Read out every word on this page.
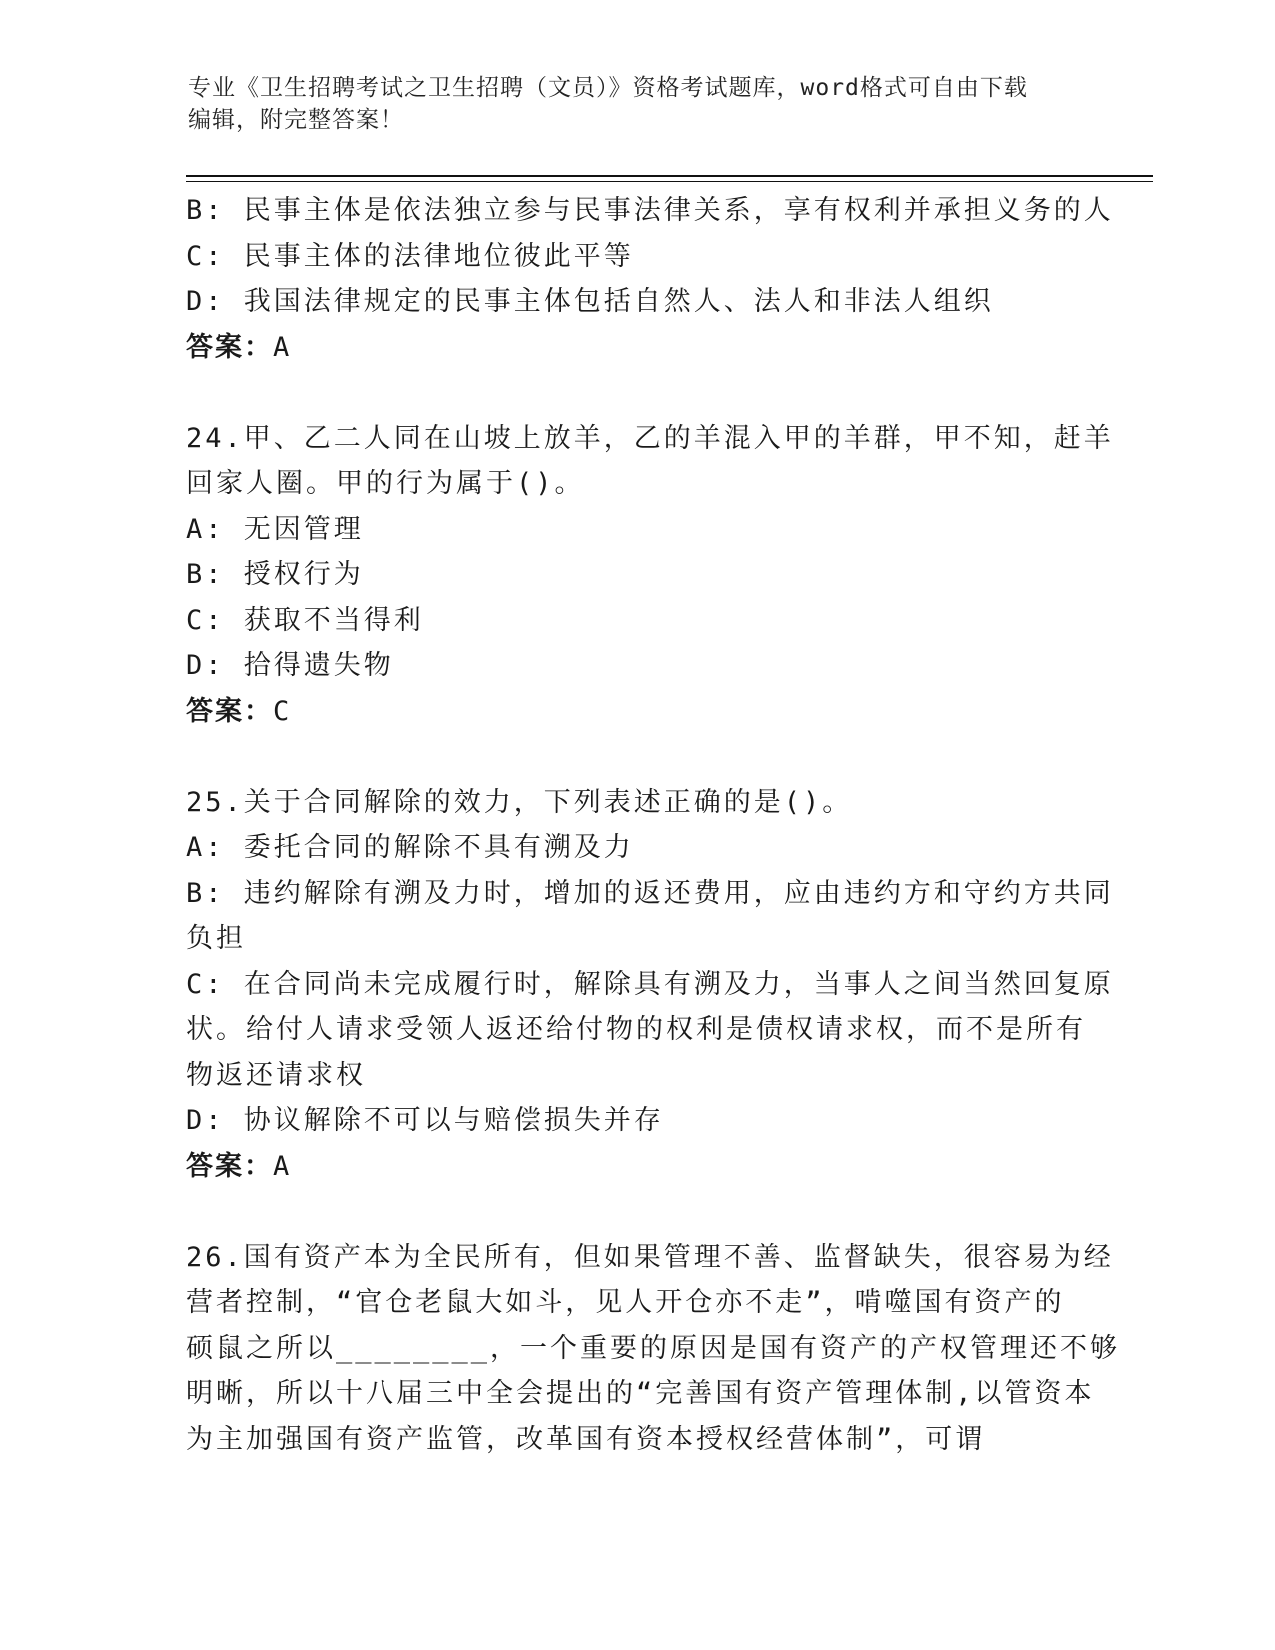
专业《卫生招聘考试之卫生招聘（文员）》资格考试题库，word格式可自由下载
编辑，附完整答案！
B: 民事主体是依法独立参与民事法律关系，享有权利并承担义务的人
C: 民事主体的法律地位彼此平等
D: 我国法律规定的民事主体包括自然人、法人和非法人组织
答案：A
24.甲、乙二人同在山坡上放羊，乙的羊混入甲的羊群，甲不知，赶羊
回家人圈。甲的行为属于()。
A: 无因管理
B: 授权行为
C: 获取不当得利
D: 拾得遗失物
答案：C
25.关于合同解除的效力，下列表述正确的是()。
A: 委托合同的解除不具有溯及力
B: 违约解除有溯及力时，增加的返还费用，应由违约方和守约方共同
负担
C: 在合同尚未完成履行时，解除具有溯及力，当事人之间当然回复原
状。给付人请求受领人返还给付物的权利是债权请求权，而不是所有
物返还请求权
D: 协议解除不可以与赔偿损失并存
答案：A
26.国有资产本为全民所有，但如果管理不善、监督缺失，很容易为经
营者控制，“官仓老鼠大如斗，见人开仓亦不走”，啃噬国有资产的
硕鼠之所以________，一个重要的原因是国有资产的产权管理还不够
明晰，所以十八届三中全会提出的“完善国有资产管理体制,以管资本
为主加强国有资产监管，改革国有资本授权经营体制”，可谓
